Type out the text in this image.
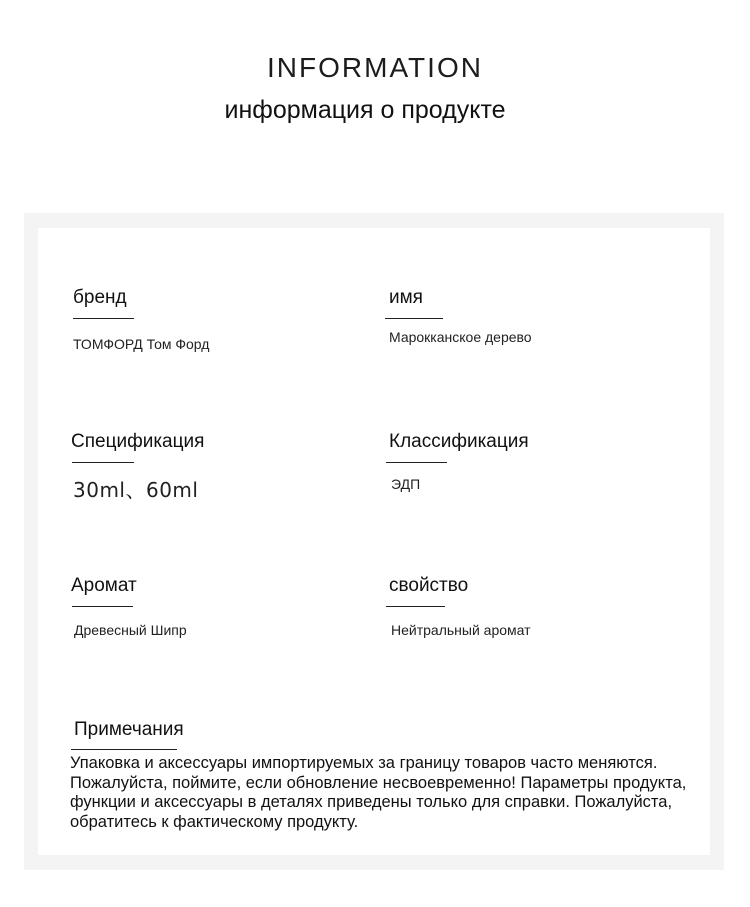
INFORMATION
информация о продукте
бренд
ТОМФОРД Том Форд
имя
Марокканское дерево
Спецификация
30ml、60ml
Классификация
ЭДП
Аромат
Древесный Шипр
свойство
Нейтральный аромат
Примечания
Упаковка и аксессуары импортируемых за границу товаров часто меняются. Пожалуйста, поймите, если обновление несвоевременно! Параметры продукта, функции и аксессуары в деталях приведены только для справки. Пожалуйста, обратитесь к фактическому продукту.
